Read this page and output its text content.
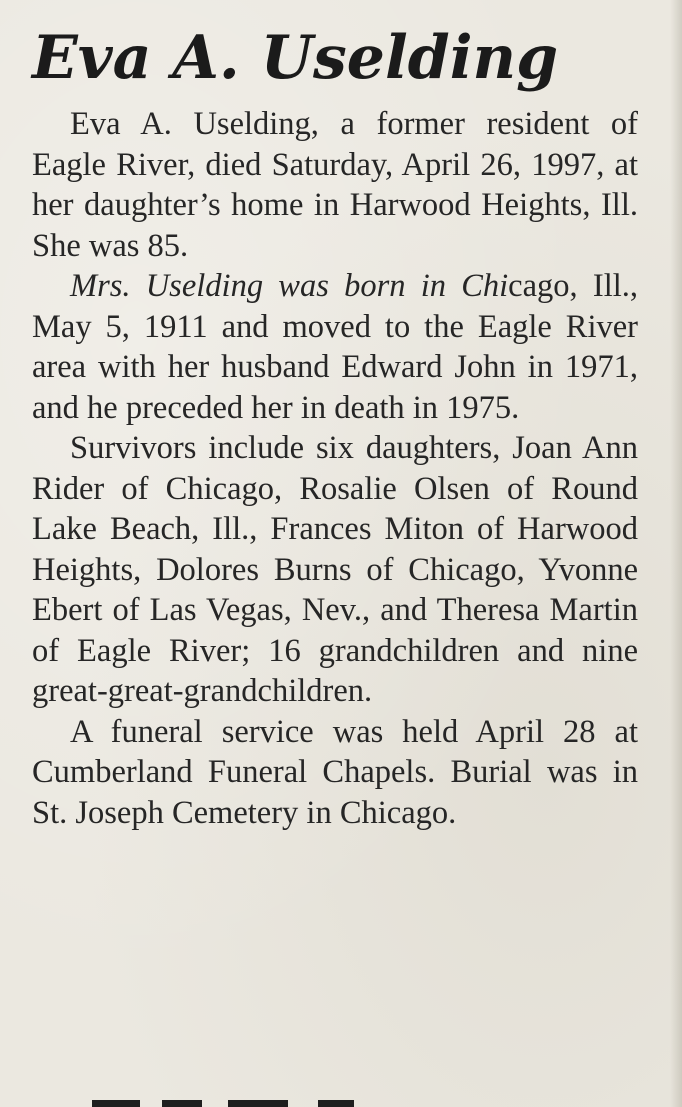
Eva A. Uselding

Eva A. Uselding, a former resident of Eagle River, died Saturday, April 26, 1997, at her daughter’s home in Harwood Heights, Ill. She was 85.

Mrs. Uselding was born in Chicago, Ill., May 5, 1911 and moved to the Eagle River area with her husband Edward John in 1971, and he preceded her in death in 1975.

Survivors include six daughters, Joan Ann Rider of Chicago, Rosalie Olsen of Round Lake Beach, Ill., Frances Miton of Harwood Heights, Dolores Burns of Chicago, Yvonne Ebert of Las Vegas, Nev., and Theresa Martin of Eagle River; 16 grandchildren and nine great-great-grandchildren.

A funeral service was held April 28 at Cumberland Funeral Chapels. Burial was in St. Joseph Cemetery in Chicago.
